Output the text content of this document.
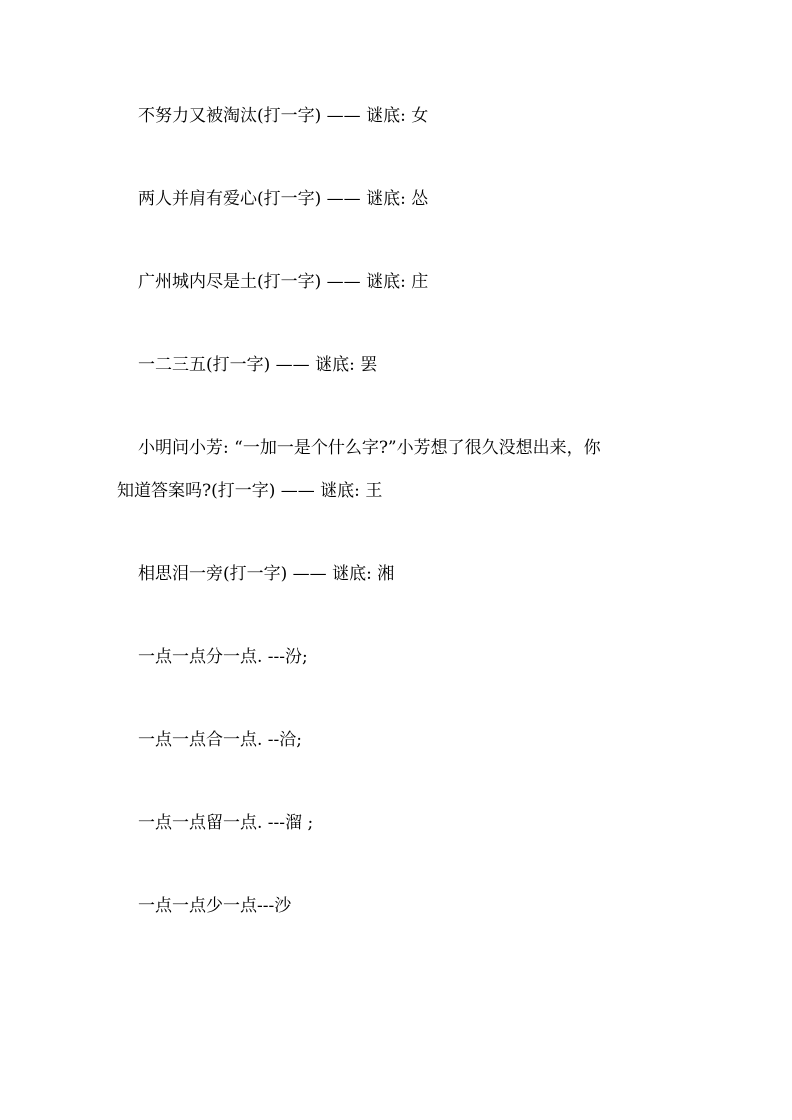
不努力又被淘汰(打一字) —— 谜底: 女
两人并肩有爱心(打一字) —— 谜底: 怂
广州城内尽是土(打一字) —— 谜底: 庄
一二三五(打一字) —— 谜底: 罢
小明问小芳: “一加一是个什么字?”小芳想了很久没想出来，你
知道答案吗?(打一字) —— 谜底: 王
相思泪一旁(打一字) —— 谜底: 湘
一点一点分一点. ---汾;
一点一点合一点. --洽;
一点一点留一点. ---溜 ;
一点一点少一点---沙
